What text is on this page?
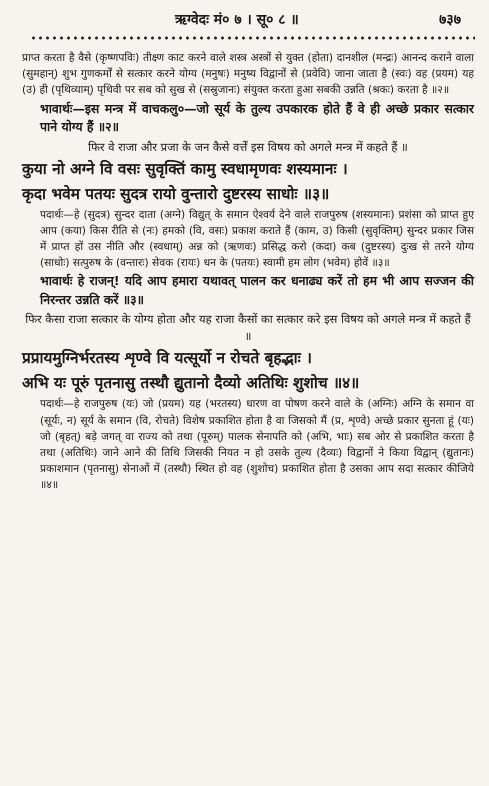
ऋग्वेदः मं० ७ । सू० ८ ॥	७३७

प्राप्त करता है वैसे (कृष्णपविः) तीक्ष्ण काट करने वाले शस्त्र अस्त्रों से युक्त (होता) दानशील (मन्द्रः) आनन्द कराने वाला (सुमहान्) शुभ गुणकर्मों से सत्कार करने योग्य (मनुषः) मनुष्य विद्वानों से (प्रवेवि) जाना जाता है (स्वः) वह (प्रयम) यह (उ) ही (पृथिव्याम्) पृथिवी पर सब को सुख से (सस्रुजानः) संयुक्त करता हुआ सबकी उन्नति (श्रकः) करता है ॥२॥

भावार्थः—इस मन्त्र में वाचकलु०—जो सूर्य के तुल्य उपकारक होते हैं वे ही अच्छे प्रकार सत्कार पाने योग्य हैं ॥२॥

फिर वे राजा और प्रजा के जन कैसे वर्त्तें इस विषय को अगले मन्त्र में कहते हैं ॥

कुया नो अग्ने वि वसः सुवृक्तिं कामु स्वधामृणवः शस्यमानः ।

कृदा भवेम पतयः सुदत्र रायो वुन्तारो दुष्टरस्य साधोः ॥३॥

पदार्थः—हे (सुदत्र) सुन्दर दाता (अग्ने) विद्युत् के समान ऐश्वर्य देने वाले राजपुरुष (शस्यमानः) प्रशंसा को प्राप्त हुए आप (कया) किस रीति से (नः) हमको (वि, वसः) प्रकाश कराते हैं (काम, उ) किसी (सुवृक्तिम्) सुन्दर प्रकार जिस में प्राप्त हों उस नीति और (स्वधाम्) अन्न को (ऋणवः) प्रसिद्ध करो (कदा) कब (दुष्टरस्य) दुःख से तरने योग्य (साधोः) सत्पुरुष के (वन्तारः) सेवक (रायः) धन के (पतयः) स्वामी हम लोग (भवेम) होवें ॥३॥

भावार्थः हे राजन्! यदि आप हमारा यथावत् पालन कर धनाढ्य करें तो हम भी आप सज्जन की निरन्तर उन्नति करें ॥३॥

फिर कैसा राजा सत्कार के योग्य होता और यह राजा कैसों का सत्कार करे इस विषय को अगले मन्त्र में कहते हैं ॥

प्रप्रायमुग्निर्भरतस्य शृण्वे वि यत्सूर्यो न रोचते बृहद्भाः ।

अभि यः पूरुं पृतनासु तस्थौ द्युतानो दैव्यो अतिथिः शुशोच ॥४॥

पदार्थः—हे राजपुरुष (यः) जो (प्रयम) यह (भरतस्य) धारण वा पोषण करने वाले के (अग्निः) अग्नि के समान वा (सूर्यः, न) सूर्य के समान (वि, रोचते) विशेष प्रकाशित होता है वा जिसको मैं (प्र, शृण्वे) अच्छे प्रकार सुनता हूं (यः) जो (बृहत्) बड़े जगत् वा राज्य को तथा (पूरुम्) पालक सेनापति को (अभि, भाः) सब ओर से प्रकाशित करता है तथा (अतिथिः) जाने आने की तिथि जिसकी नियत न हो उसके तुल्य (दैव्यः) विद्वानों ने किया विद्वान् (द्युतानः) प्रकाशमान (पृतनासु) सेनाओं में (तस्थौ) स्थित हो वह (शुशोच) प्रकाशित होता है उसका आप सदा सत्कार कीजिये ॥४॥
